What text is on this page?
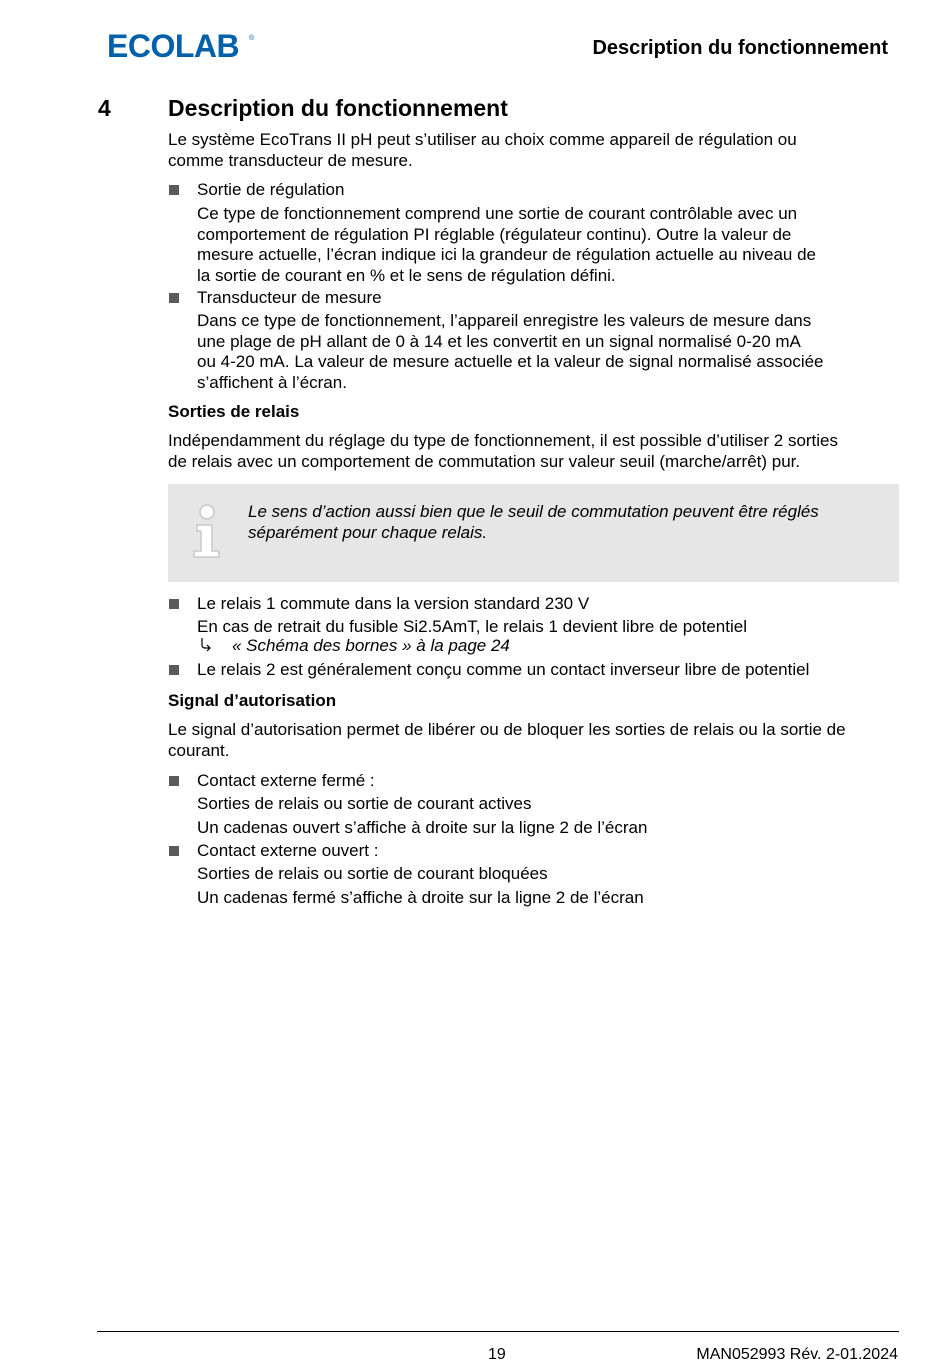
ECOLAB ®	Description du fonctionnement
4 Description du fonctionnement
Le système EcoTrans II pH peut s’utiliser au choix comme appareil de régulation ou
comme transducteur de mesure.
Sortie de régulation
Ce type de fonctionnement comprend une sortie de courant contrôlable avec un
comportement de régulation PI réglable (régulateur continu). Outre la valeur de
mesure actuelle, l’écran indique ici la grandeur de régulation actuelle au niveau de
la sortie de courant en % et le sens de régulation défini.
Transducteur de mesure
Dans ce type de fonctionnement, l’appareil enregistre les valeurs de mesure dans
une plage de pH allant de 0 à 14 et les convertit en un signal normalisé 0-20 mA
ou 4-20 mA. La valeur de mesure actuelle et la valeur de signal normalisé associée
s’affichent à l’écran.
Sorties de relais
Indépendamment du réglage du type de fonctionnement, il est possible d’utiliser 2 sorties
de relais avec un comportement de commutation sur valeur seuil (marche/arrêt) pur.
Le sens d’action aussi bien que le seuil de commutation peuvent être réglés
séparément pour chaque relais.
Le relais 1 commute dans la version standard 230 V
En cas de retrait du fusible Si2.5AmT, le relais 1 devient libre de potentiel
« Schéma des bornes » à la page 24
Le relais 2 est généralement conçu comme un contact inverseur libre de potentiel
Signal d’autorisation
Le signal d’autorisation permet de libérer ou de bloquer les sorties de relais ou la sortie de
courant.
Contact externe fermé :
Sorties de relais ou sortie de courant actives
Un cadenas ouvert s’affiche à droite sur la ligne 2 de l’écran
Contact externe ouvert :
Sorties de relais ou sortie de courant bloquées
Un cadenas fermé s’affiche à droite sur la ligne 2 de l’écran
19	MAN052993 Rév. 2-01.2024
